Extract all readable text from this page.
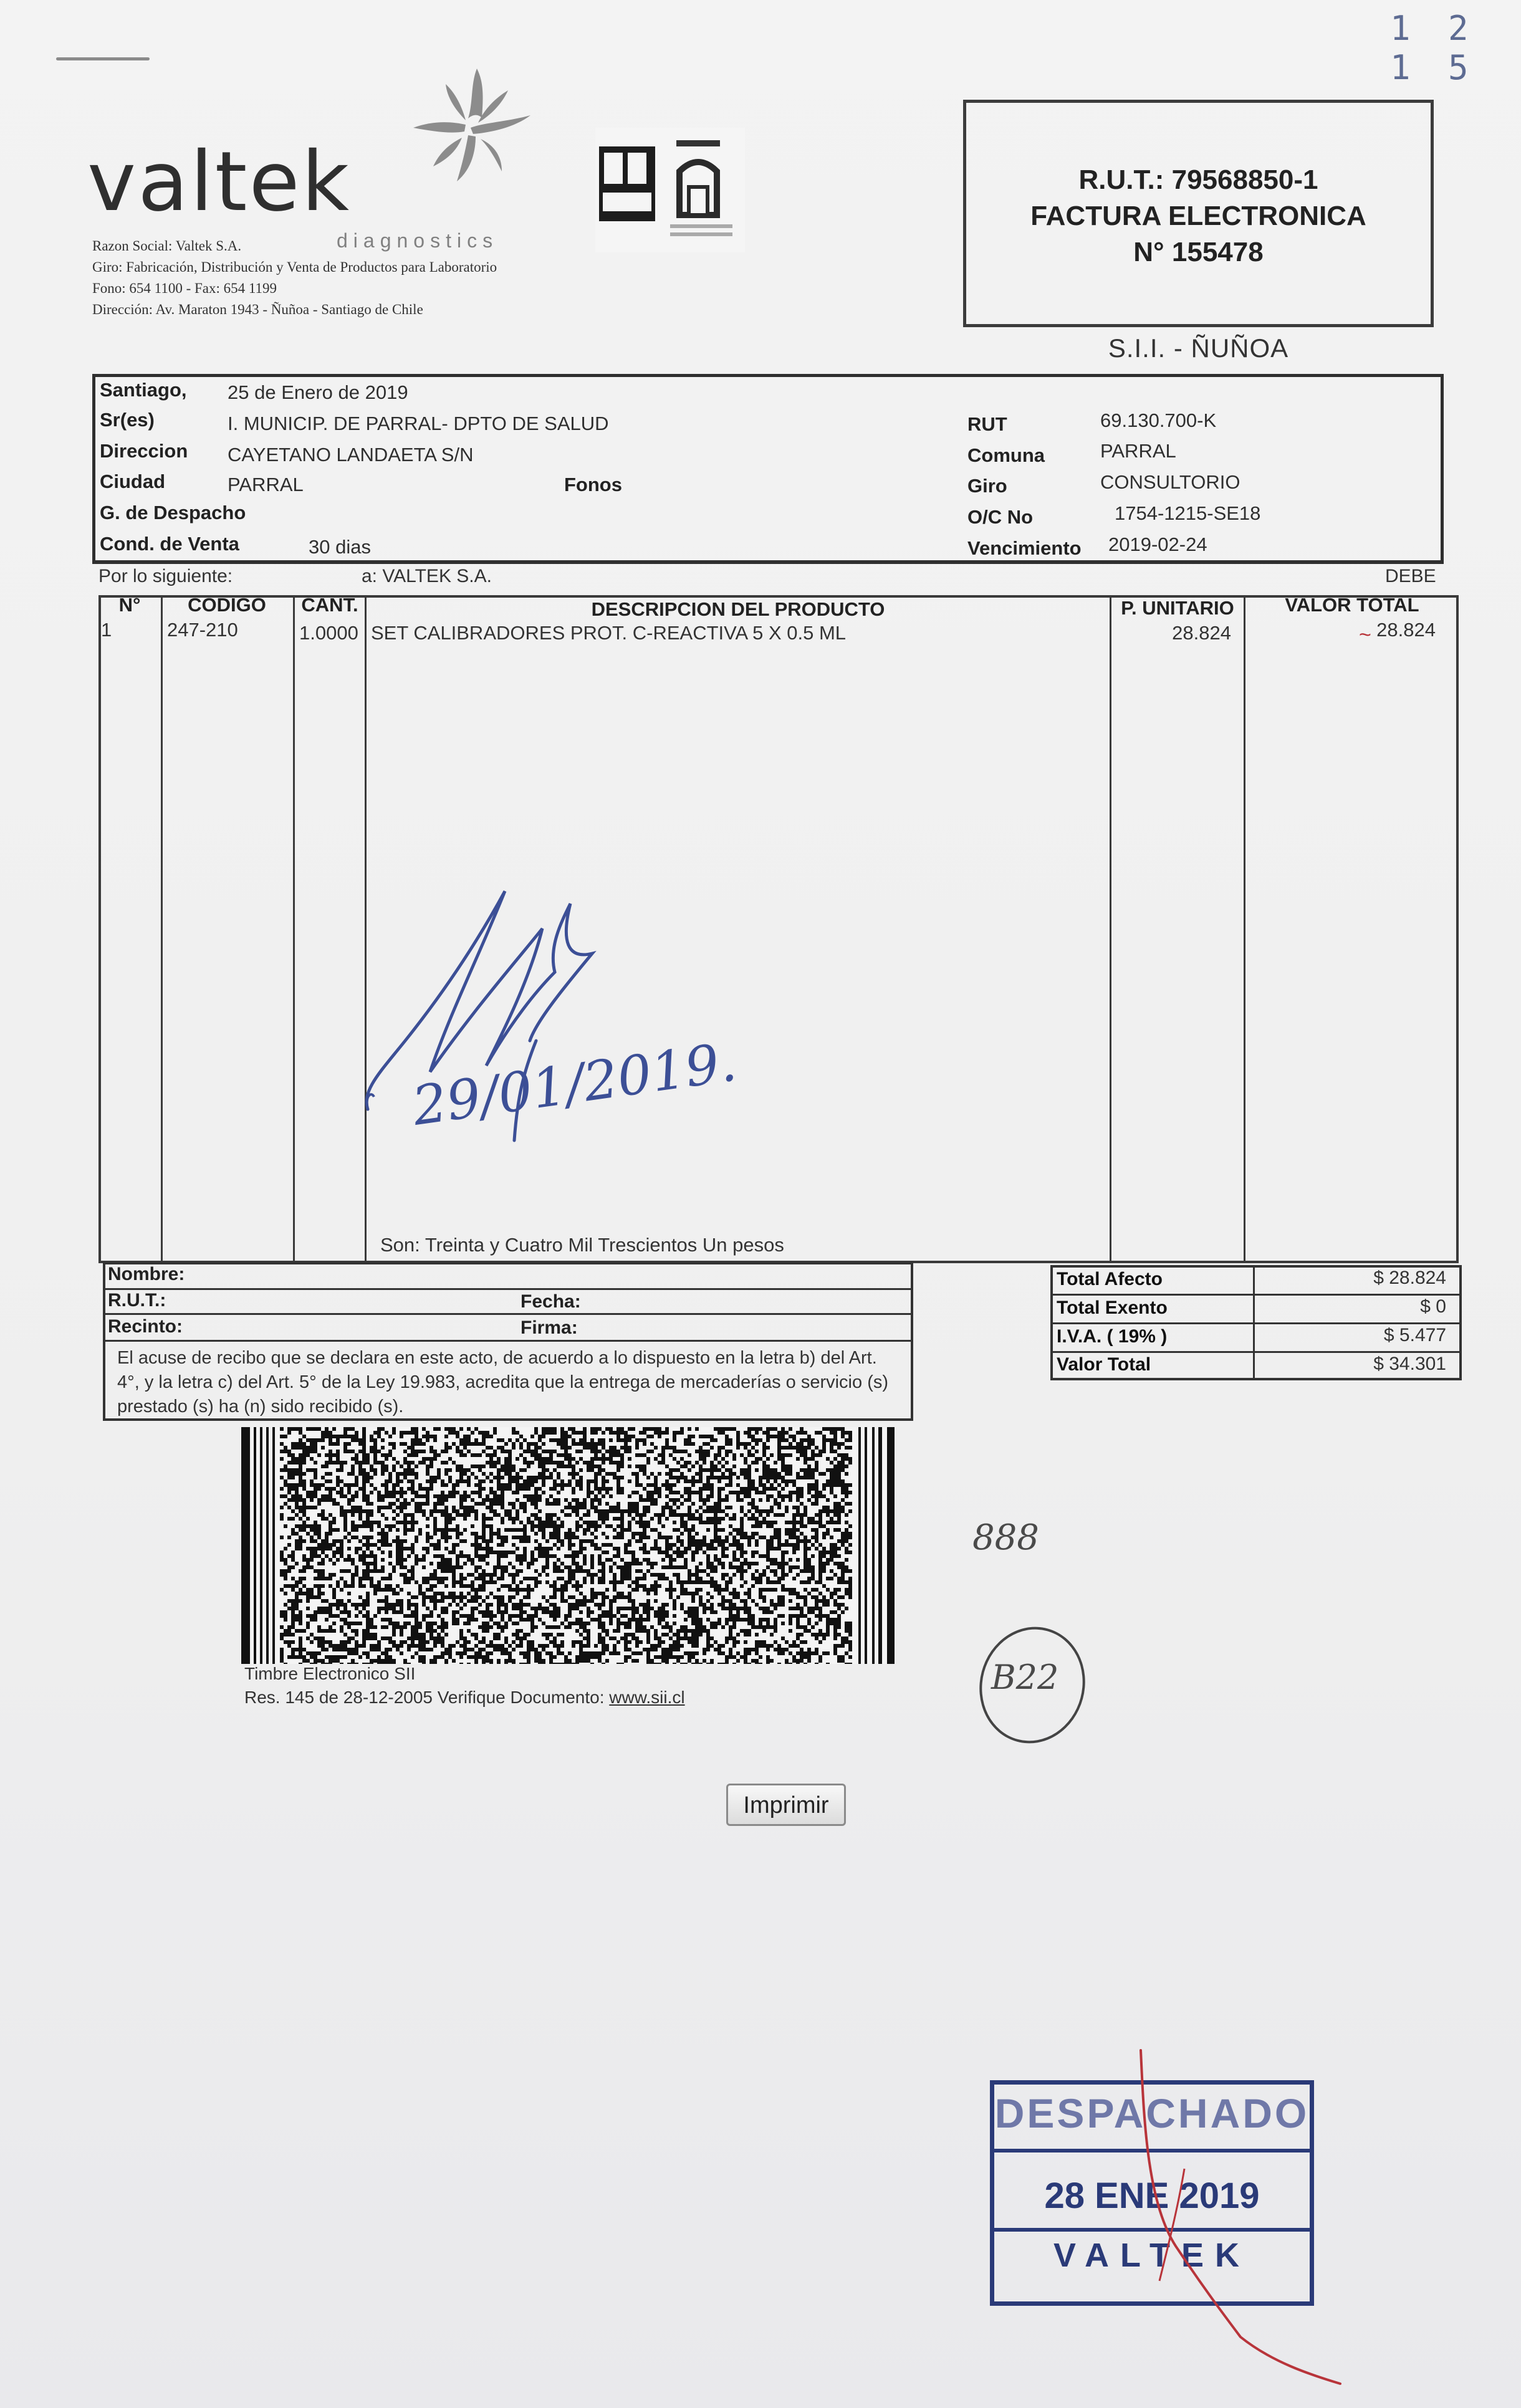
1 2 1 5
valtek
diagnostics
Razon Social: Valtek S.A.
Giro: Fabricación, Distribución y Venta de Productos para Laboratorio
Fono: 654 1100 - Fax: 654 1199
Dirección: Av. Maraton 1943 - Ñuñoa - Santiago de Chile
R.U.T.: 79568850-1
FACTURA ELECTRONICA
N° 155478
S.I.I. - ÑUÑOA
Santiago, 25 de Enero de 2019
Sr(es)	I. MUNICIP. DE PARRAL- DPTO DE SALUD
Direccion CAYETANO LANDAETA S/N
Ciudad	PARRAL	Fonos
G. de Despacho
Cond. de Venta	30 dias
RUT	69.130.700-K
Comuna	PARRAL
Giro	CONSULTORIO
O/C No	1754-1215-SE18
Vencimiento 2019-02-24
Por lo siguiente:	a: VALTEK S.A.	DEBE
N°	CODIGO	CANT.	DESCRIPCION DEL PRODUCTO	P. UNITARIO	VALOR TOTAL
1	247-210	1.0000 SET CALIBRADORES PROT. C-REACTIVA 5 X 0.5 ML	28.824	28.824
Son: Treinta y Cuatro Mil Trescientos Un pesos
29/01/2019.
~
Nombre:
R.U.T.:	Fecha:
Recinto:	Firma:
El acuse de recibo que se declara en este acto, de acuerdo a lo dispuesto en la letra b) del Art. 4°, y la letra c) del Art. 5° de la Ley 19.983, acredita que la entrega de mercaderías o servicio (s) prestado (s) ha (n) sido recibido (s).
Total Afecto	$ 28.824
Total Exento	$ 0
I.V.A. ( 19% )	$ 5.477
Valor Total	$ 34.301
Timbre Electronico SII
Res. 145 de 28-12-2005 Verifique Documento: www.sii.cl
888
B22
Imprimir
DESPACHADO
28 ENE 2019
VALTEK
